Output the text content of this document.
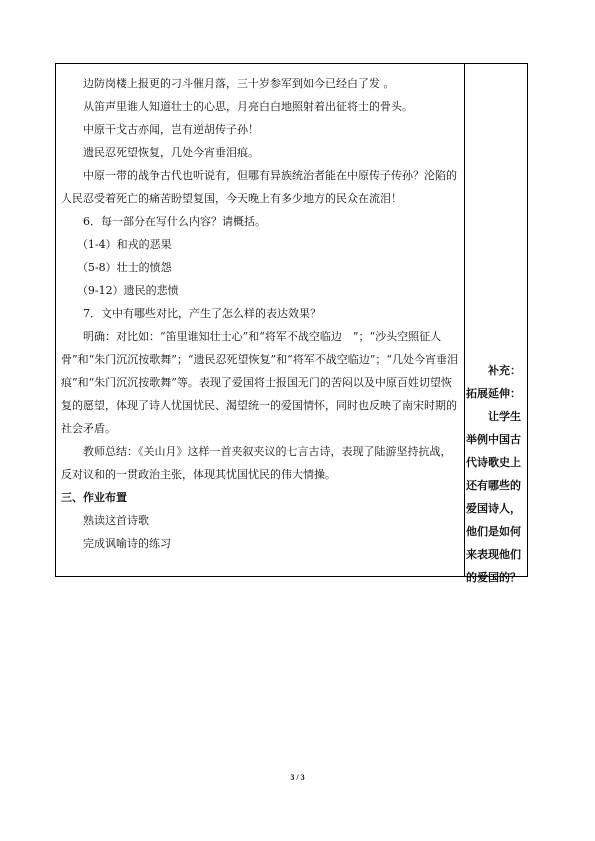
边防岗楼上报更的刁斗催月落，三十岁参军到如今已经白了发 。

从笛声里谁人知道壮士的心思，月亮白白地照射着出征将士的骨头。

中原干戈古亦闻，岂有逆胡传子孙！

遗民忍死望恢复，几处今宵垂泪痕。

中原一带的战争古代也听说有，但哪有异族统治者能在中原传子传孙？沦陷的人民忍受着死亡的痛苦盼望复国，今天晚上有多少地方的民众在流泪！

6．每一部分在写什么内容？请概括。

（1-4）和戎的恶果

（5-8）壮士的愤怨

（9-12）遗民的悲愤

7．文中有哪些对比，产生了怎么样的表达效果？

明确：对比如：“笛里谁知壮士心”和“将军不战空临边　”；“沙头空照征人骨”和“朱门沉沉按歌舞”；“遗民忍死望恢复”和“将军不战空临边”；“几处今宵垂泪痕”和“朱门沉沉按歌舞”等。表现了爱国将士报国无门的苦闷以及中原百姓切望恢复的愿望，体现了诗人忧国忧民、渴望统一的爱国情怀，同时也反映了南宋时期的社会矛盾。

教师总结：《关山月》这样一首夹叙夹议的七言古诗，表现了陆游坚持抗战，反对议和的一贯政治主张，体现其忧国忧民的伟大情操。

三、作业布置

熟读这首诗歌

完成讽喻诗的练习

补充：拓展延伸：

让学生举例中国古代诗歌史上还有哪些的爱国诗人，他们是如何来表现他们的爱国的？

3 / 3
